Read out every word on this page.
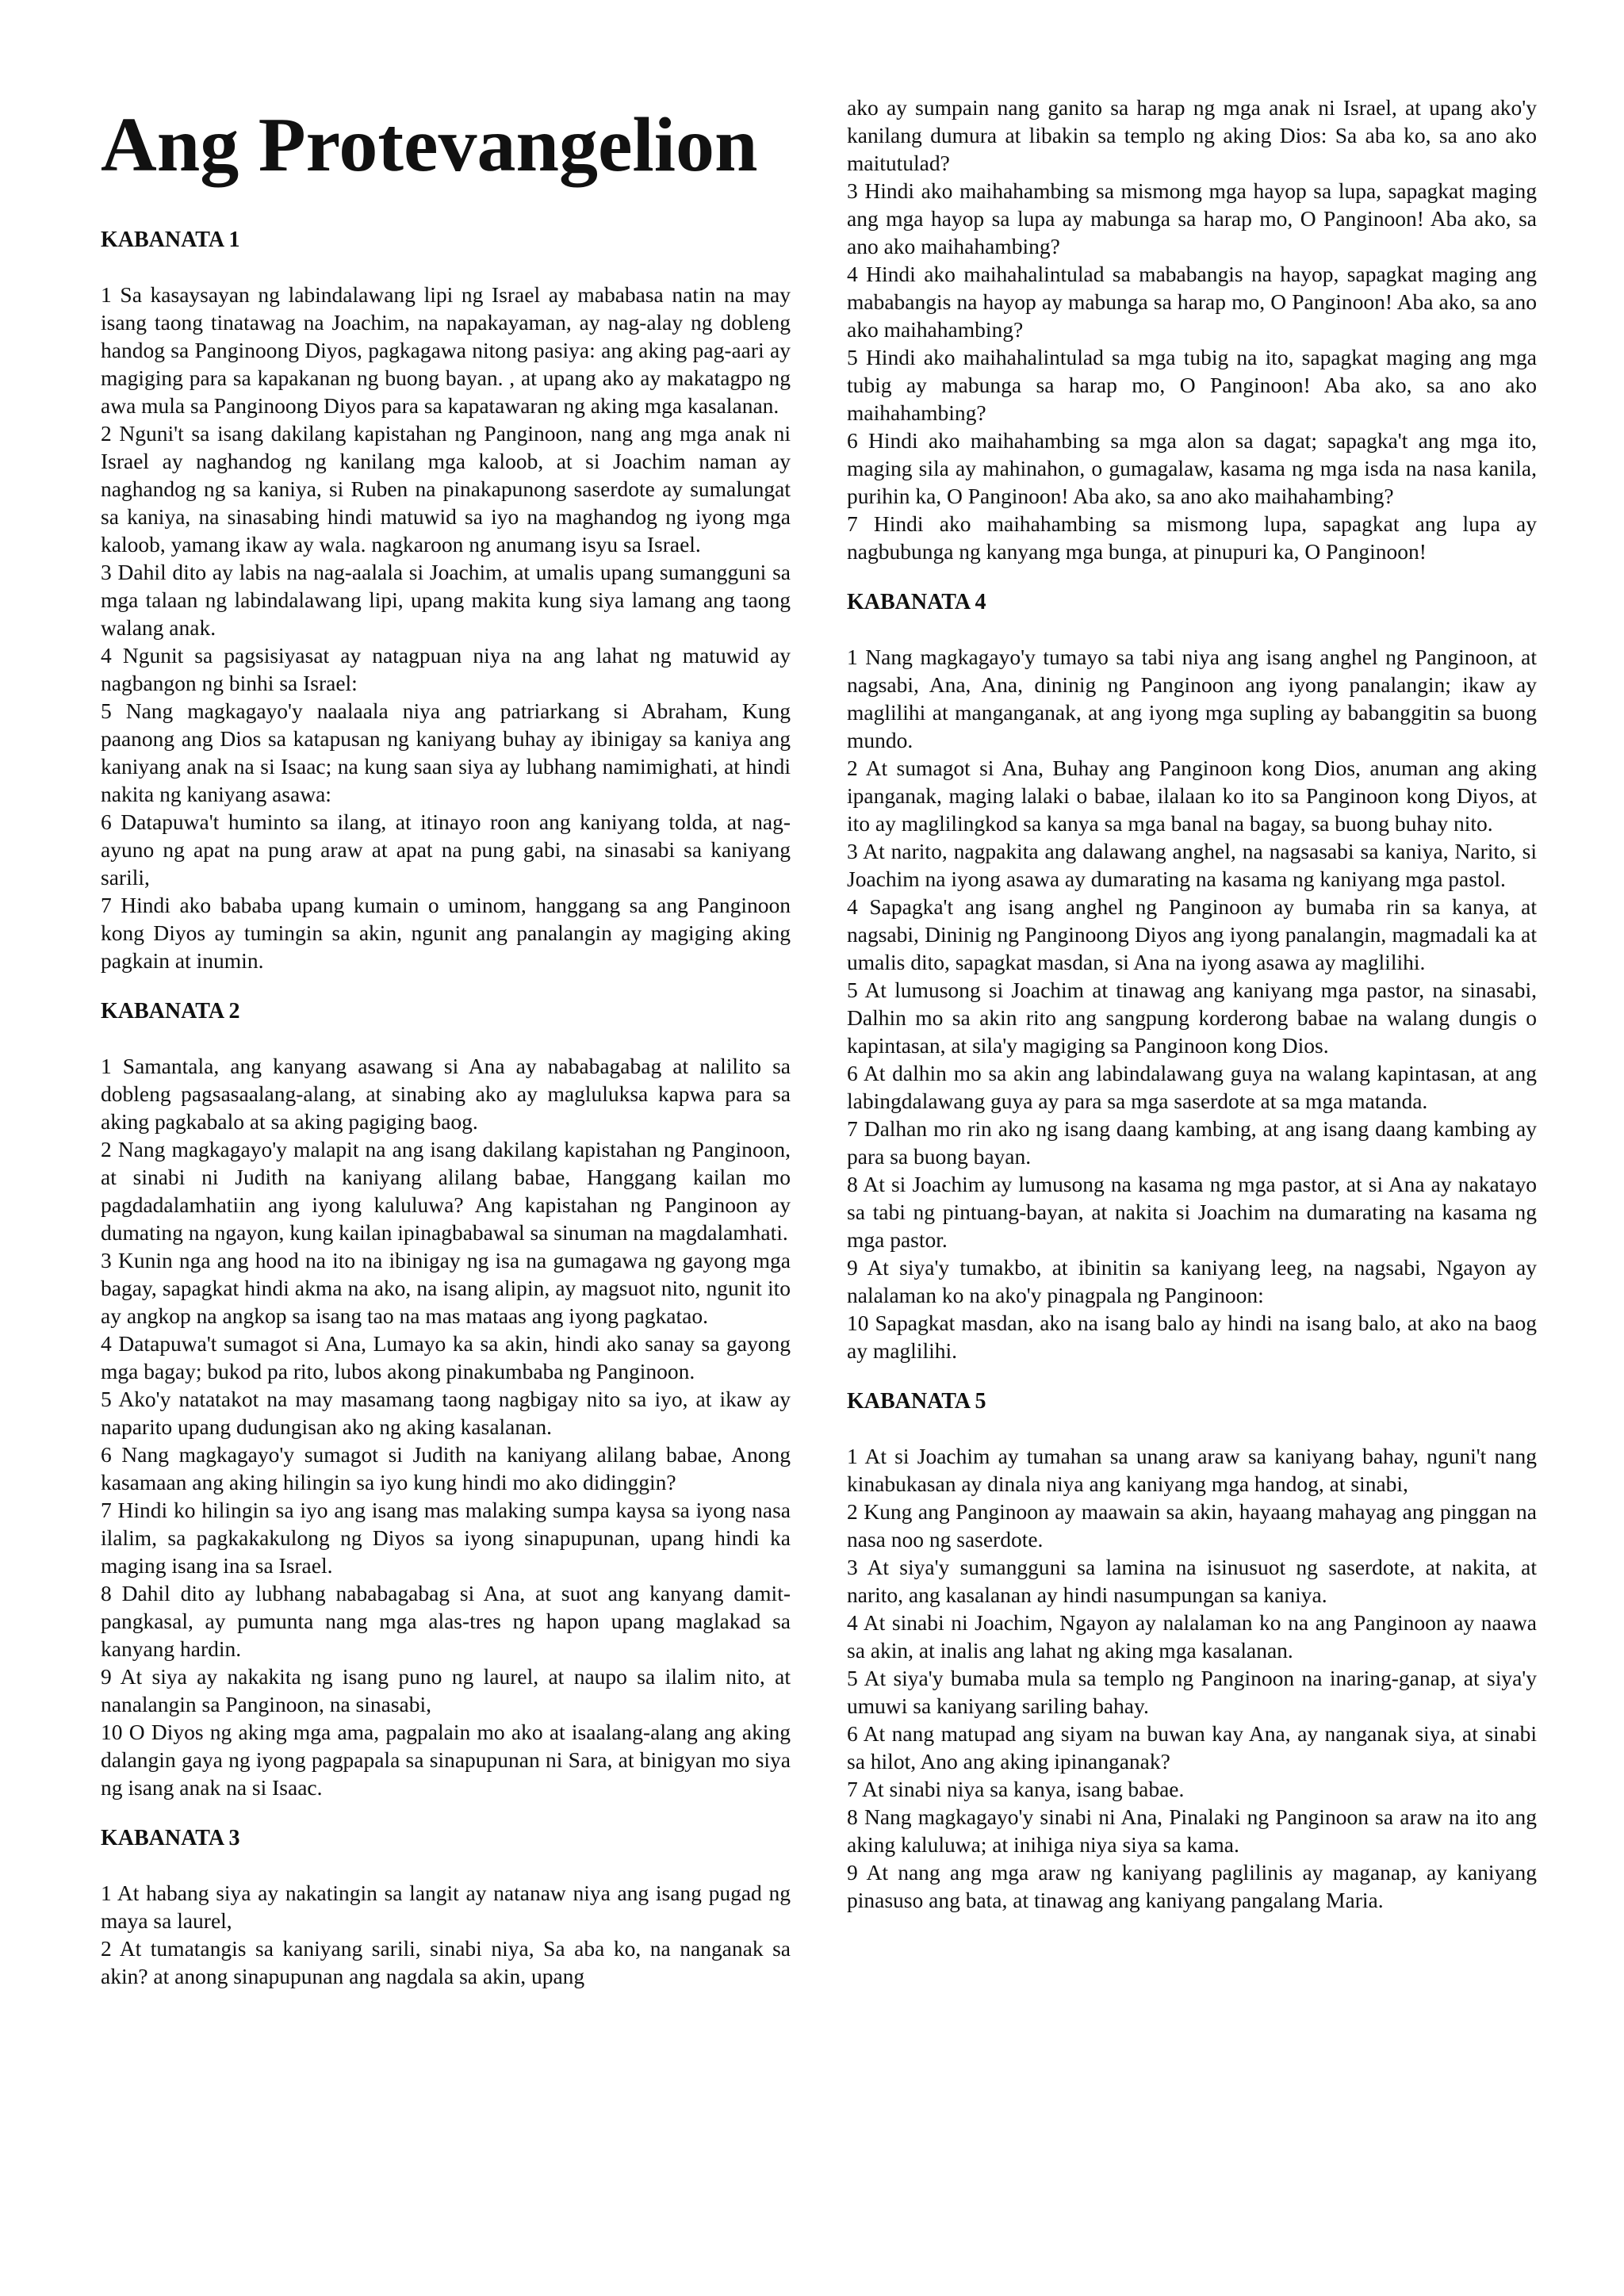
Ang Protevangelion
KABANATA 1

1 Sa kasaysayan ng labindalawang lipi ng Israel ay mababasa natin na may isang taong tinatawag na Joachim, na napakayaman, ay nag-alay ng dobleng handog sa Panginoong Diyos, pagkagawa nitong pasiya: ang aking pag-aari ay magiging para sa kapakanan ng buong bayan. , at upang ako ay makatagpo ng awa mula sa Panginoong Diyos para sa kapatawaran ng aking mga kasalanan.

2 Nguni't sa isang dakilang kapistahan ng Panginoon, nang ang mga anak ni Israel ay naghandog ng kanilang mga kaloob, at si Joachim naman ay naghandog ng sa kaniya, si Ruben na pinakapunong saserdote ay sumalungat sa kaniya, na sinasabing hindi matuwid sa iyo na maghandog ng iyong mga kaloob, yamang ikaw ay wala. nagkaroon ng anumang isyu sa Israel.

3 Dahil dito ay labis na nag-aalala si Joachim, at umalis upang sumangguni sa mga talaan ng labindalawang lipi, upang makita kung siya lamang ang taong walang anak.

4 Ngunit sa pagsisiyasat ay natagpuan niya na ang lahat ng matuwid ay nagbangon ng binhi sa Israel:

5 Nang magkagayo'y naalaala niya ang patriarkang si Abraham, Kung paanong ang Dios sa katapusan ng kaniyang buhay ay ibinigay sa kaniya ang kaniyang anak na si Isaac; na kung saan siya ay lubhang namimighati, at hindi nakita ng kaniyang asawa:

6 Datapuwa't huminto sa ilang, at itinayo roon ang kaniyang tolda, at nag-ayuno ng apat na pung araw at apat na pung gabi, na sinasabi sa kaniyang sarili,

7 Hindi ako bababa upang kumain o uminom, hanggang sa ang Panginoon kong Diyos ay tumingin sa akin, ngunit ang panalangin ay magiging aking pagkain at inumin.

KABANATA 2

1 Samantala, ang kanyang asawang si Ana ay nababagabag at nalilito sa dobleng pagsasaalang-alang, at sinabing ako ay magluluksa kapwa para sa aking pagkabalo at sa aking pagiging baog.

2 Nang magkagayo'y malapit na ang isang dakilang kapistahan ng Panginoon, at sinabi ni Judith na kaniyang alilang babae, Hanggang kailan mo pagdadalamhatiin ang iyong kaluluwa? Ang kapistahan ng Panginoon ay dumating na ngayon, kung kailan ipinagbabawal sa sinuman na magdalamhati.

3 Kunin nga ang hood na ito na ibinigay ng isa na gumagawa ng gayong mga bagay, sapagkat hindi akma na ako, na isang alipin, ay magsuot nito, ngunit ito ay angkop na angkop sa isang tao na mas mataas ang iyong pagkatao.

4 Datapuwa't sumagot si Ana, Lumayo ka sa akin, hindi ako sanay sa gayong mga bagay; bukod pa rito, lubos akong pinakumbaba ng Panginoon.

5 Ako'y natatakot na may masamang taong nagbigay nito sa iyo, at ikaw ay naparito upang dudungisan ako ng aking kasalanan.

6 Nang magkagayo'y sumagot si Judith na kaniyang alilang babae, Anong kasamaan ang aking hilingin sa iyo kung hindi mo ako didinggin?

7 Hindi ko hilingin sa iyo ang isang mas malaking sumpa kaysa sa iyong nasa ilalim, sa pagkakakulong ng Diyos sa iyong sinapupunan, upang hindi ka maging isang ina sa Israel.

8 Dahil dito ay lubhang nababagabag si Ana, at suot ang kanyang damit-pangkasal, ay pumunta nang mga alas-tres ng hapon upang maglakad sa kanyang hardin.

9 At siya ay nakakita ng isang puno ng laurel, at naupo sa ilalim nito, at nanalangin sa Panginoon, na sinasabi,

10 O Diyos ng aking mga ama, pagpalain mo ako at isaalang-alang ang aking dalangin gaya ng iyong pagpapala sa sinapupunan ni Sara, at binigyan mo siya ng isang anak na si Isaac.

KABANATA 3

1 At habang siya ay nakatingin sa langit ay natanaw niya ang isang pugad ng maya sa laurel,

2 At tumatangis sa kaniyang sarili, sinabi niya, Sa aba ko, na nanganak sa akin? at anong sinapupunan ang nagdala sa akin, upang

ako ay sumpain nang ganito sa harap ng mga anak ni Israel, at upang ako'y kanilang dumura at libakin sa templo ng aking Dios: Sa aba ko, sa ano ako maitutulad?

3 Hindi ako maihahambing sa mismong mga hayop sa lupa, sapagkat maging ang mga hayop sa lupa ay mabunga sa harap mo, O Panginoon! Aba ako, sa ano ako maihahambing?

4 Hindi ako maihahalintulad sa mababangis na hayop, sapagkat maging ang mababangis na hayop ay mabunga sa harap mo, O Panginoon! Aba ako, sa ano ako maihahambing?

5 Hindi ako maihahalintulad sa mga tubig na ito, sapagkat maging ang mga tubig ay mabunga sa harap mo, O Panginoon! Aba ako, sa ano ako maihahambing?

6 Hindi ako maihahambing sa mga alon sa dagat; sapagka't ang mga ito, maging sila ay mahinahon, o gumagalaw, kasama ng mga isda na nasa kanila, purihin ka, O Panginoon! Aba ako, sa ano ako maihahambing?

7 Hindi ako maihahambing sa mismong lupa, sapagkat ang lupa ay nagbubunga ng kanyang mga bunga, at pinupuri ka, O Panginoon!

KABANATA 4

1 Nang magkagayo'y tumayo sa tabi niya ang isang anghel ng Panginoon, at nagsabi, Ana, Ana, dininig ng Panginoon ang iyong panalangin; ikaw ay maglilihi at manganganak, at ang iyong mga supling ay babanggitin sa buong mundo.

2 At sumagot si Ana, Buhay ang Panginoon kong Dios, anuman ang aking ipanganak, maging lalaki o babae, ilalaan ko ito sa Panginoon kong Diyos, at ito ay maglilingkod sa kanya sa mga banal na bagay, sa buong buhay nito.

3 At narito, nagpakita ang dalawang anghel, na nagsasabi sa kaniya, Narito, si Joachim na iyong asawa ay dumarating na kasama ng kaniyang mga pastol.

4 Sapagka't ang isang anghel ng Panginoon ay bumaba rin sa kanya, at nagsabi, Dininig ng Panginoong Diyos ang iyong panalangin, magmadali ka at umalis dito, sapagkat masdan, si Ana na iyong asawa ay maglilihi.

5 At lumusong si Joachim at tinawag ang kaniyang mga pastor, na sinasabi, Dalhin mo sa akin rito ang sangpung korderong babae na walang dungis o kapintasan, at sila'y magiging sa Panginoon kong Dios.

6 At dalhin mo sa akin ang labindalawang guya na walang kapintasan, at ang labingdalawang guya ay para sa mga saserdote at sa mga matanda.

7 Dalhan mo rin ako ng isang daang kambing, at ang isang daang kambing ay para sa buong bayan.

8 At si Joachim ay lumusong na kasama ng mga pastor, at si Ana ay nakatayo sa tabi ng pintuang-bayan, at nakita si Joachim na dumarating na kasama ng mga pastor.

9 At siya'y tumakbo, at ibinitin sa kaniyang leeg, na nagsabi, Ngayon ay nalalaman ko na ako'y pinagpala ng Panginoon:

10 Sapagkat masdan, ako na isang balo ay hindi na isang balo, at ako na baog ay maglilihi.

KABANATA 5

1 At si Joachim ay tumahan sa unang araw sa kaniyang bahay, nguni't nang kinabukasan ay dinala niya ang kaniyang mga handog, at sinabi,

2 Kung ang Panginoon ay maawain sa akin, hayaang mahayag ang pinggan na nasa noo ng saserdote.

3 At siya'y sumangguni sa lamina na isinusuot ng saserdote, at nakita, at narito, ang kasalanan ay hindi nasumpungan sa kaniya.

4 At sinabi ni Joachim, Ngayon ay nalalaman ko na ang Panginoon ay naawa sa akin, at inalis ang lahat ng aking mga kasalanan.

5 At siya'y bumaba mula sa templo ng Panginoon na inaring-ganap, at siya'y umuwi sa kaniyang sariling bahay.

6 At nang matupad ang siyam na buwan kay Ana, ay nanganak siya, at sinabi sa hilot, Ano ang aking ipinanganak?

7 At sinabi niya sa kanya, isang babae.

8 Nang magkagayo'y sinabi ni Ana, Pinalaki ng Panginoon sa araw na ito ang aking kaluluwa; at inihiga niya siya sa kama.

9 At nang ang mga araw ng kaniyang paglilinis ay maganap, ay kaniyang pinasuso ang bata, at tinawag ang kaniyang pangalang Maria.
